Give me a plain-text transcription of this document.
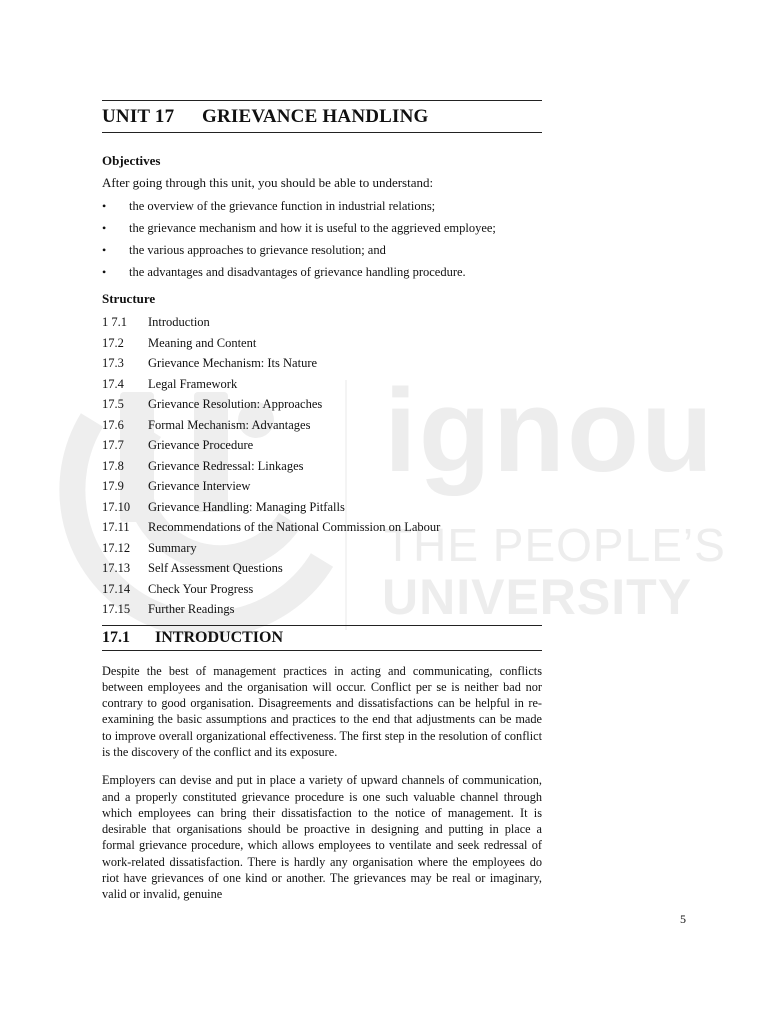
ignou
THE PEOPLE’S
UNIVERSITY
UNIT 17	GRIEVANCE HANDLING
Objectives

After going through this unit, you should be able to understand:

•	the overview of the grievance function in industrial relations;
•	the grievance mechanism and how it is useful to the aggrieved employee;
•	the various approaches to grievance resolution; and
•	the advantages and disadvantages of grievance handling procedure.
Structure
1 7.1	Introduction
17.2	Meaning and Content
17.3	Grievance Mechanism: Its Nature
17.4	Legal Framework
17.5	Grievance Resolution: Approaches
17.6	Formal Mechanism: Advantages
17.7	Grievance Procedure
17.8	Grievance Redressal: Linkages
17.9	Grievance Interview
17.10	Grievance Handling: Managing Pitfalls
17.11	Recommendations of the National Commission on Labour
17.12	Summary
17.13	Self Assessment Questions
17.14	Check Your Progress
17.15	Further Readings
17.1	INTRODUCTION

Despite the best of management practices in acting and communicating, conflicts between employees and the organisation will occur. Conflict per se is neither bad nor contrary to good organisation. Disagreements and dissatisfactions can be helpful in re-examining the basic assumptions and practices to the end that adjustments can be made to improve overall organizational effectiveness. The first step in the resolution of conflict is the discovery of the conflict and its exposure.

Employers can devise and put in place a variety of upward channels of communication, and a properly constituted grievance procedure is one such valuable channel through which employees can bring their dissatisfaction to the notice of management. It is desirable that organisations should be proactive in designing and putting in place a formal grievance procedure, which allows employees to ventilate and seek redressal of work-related dissatisfaction. There is hardly any organisation where the employees do riot have grievances of one kind or another. The grievances may be real or imaginary, valid or invalid, genuine

5
